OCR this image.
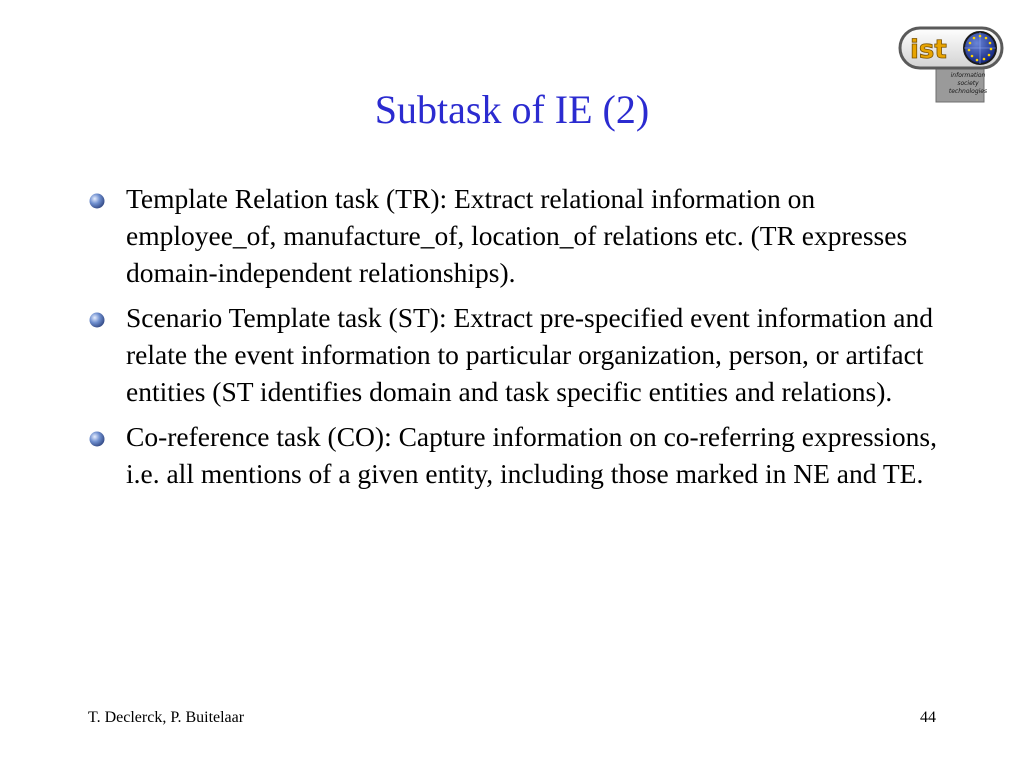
ist
information
society
technologies
Subtask of IE (2)
Template Relation task (TR): Extract relational information on employee_of, manufacture_of, location_of relations etc. (TR expresses domain-independent relationships).
Scenario Template task (ST): Extract pre-specified event information and relate the event information to particular organization, person, or artifact entities (ST identifies domain and task specific entities and relations).
Co-reference task (CO): Capture information on co-referring expressions, i.e. all mentions of a given entity, including those marked in NE and TE.
T. Declerck, P. Buitelaar	44
